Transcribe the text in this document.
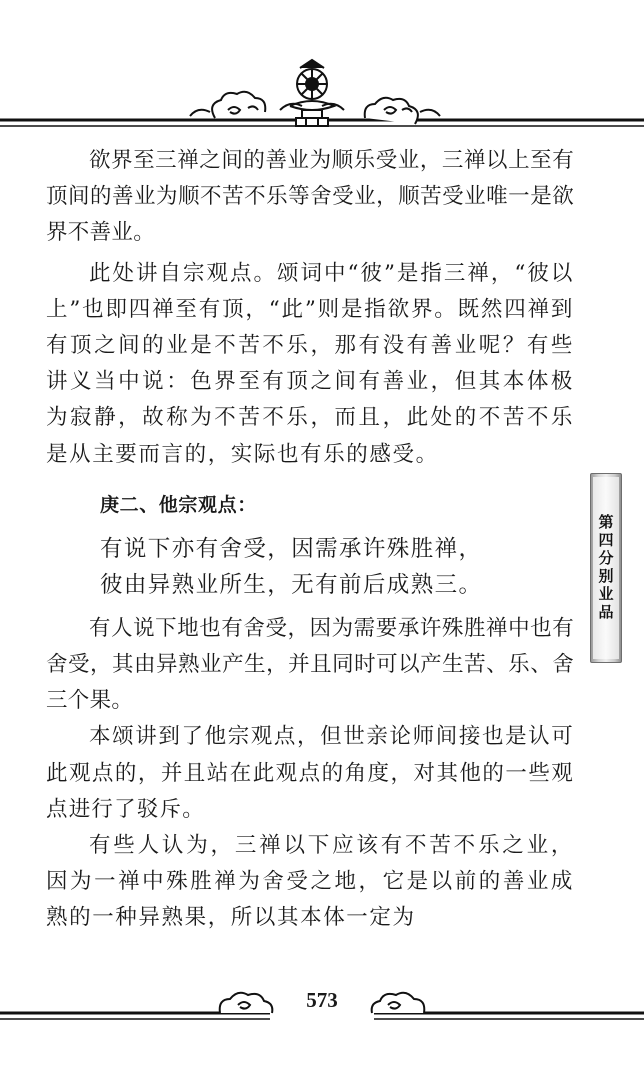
欲界至三禅之间的善业为顺乐受业，三禅以上至有顶间的善业为顺不苦不乐等舍受业，顺苦受业唯一是欲界不善业。

此处讲自宗观点。颂词中“彼”是指三禅，“彼以上”也即四禅至有顶，“此”则是指欲界。既然四禅到有顶之间的业是不苦不乐，那有没有善业呢？有些讲义当中说：色界至有顶之间有善业，但其本体极为寂静，故称为不苦不乐，而且，此处的不苦不乐是从主要而言的，实际也有乐的感受。

庚二、他宗观点：
有说下亦有舍受，因需承许殊胜禅，
彼由异熟业所生，无有前后成熟三。

有人说下地也有舍受，因为需要承许殊胜禅中也有舍受，其由异熟业产生，并且同时可以产生苦、乐、舍三个果。

本颂讲到了他宗观点，但世亲论师间接也是认可此观点的，并且站在此观点的角度，对其他的一些观点进行了驳斥。

有些人认为，三禅以下应该有不苦不乐之业，因为一禅中殊胜禅为舍受之地，它是以前的善业成熟的一种异熟果，所以其本体一定为

第四分别业品
573
